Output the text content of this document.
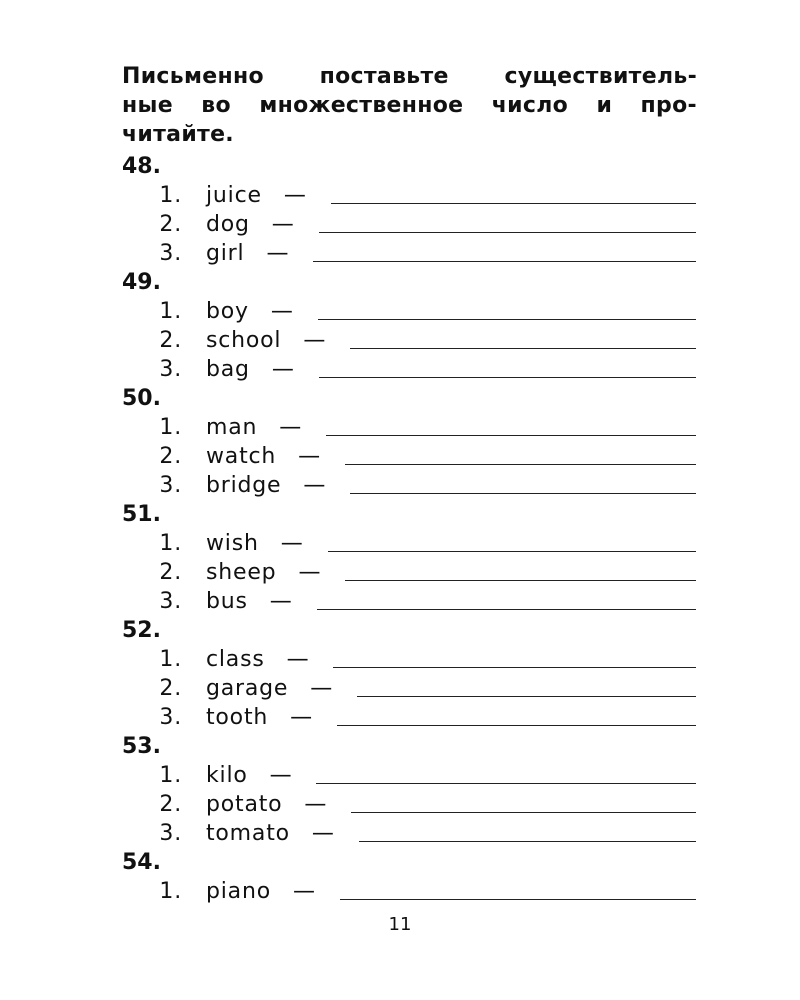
Письменно	поставьте	существитель-
ные во множественное число и про-
читайте.
48.
1. juice —
2. dog —
3. girl —
49.
1. boy —
2. school —
3. bag —
50.
1. man —
2. watch —
3. bridge —
51.
1. wish —
2. sheep —
3. bus —
52.
1. class —
2. garage —
3. tooth —
53.
1. kilo —
2. potato —
3. tomato —
54.
1. piano —
11
